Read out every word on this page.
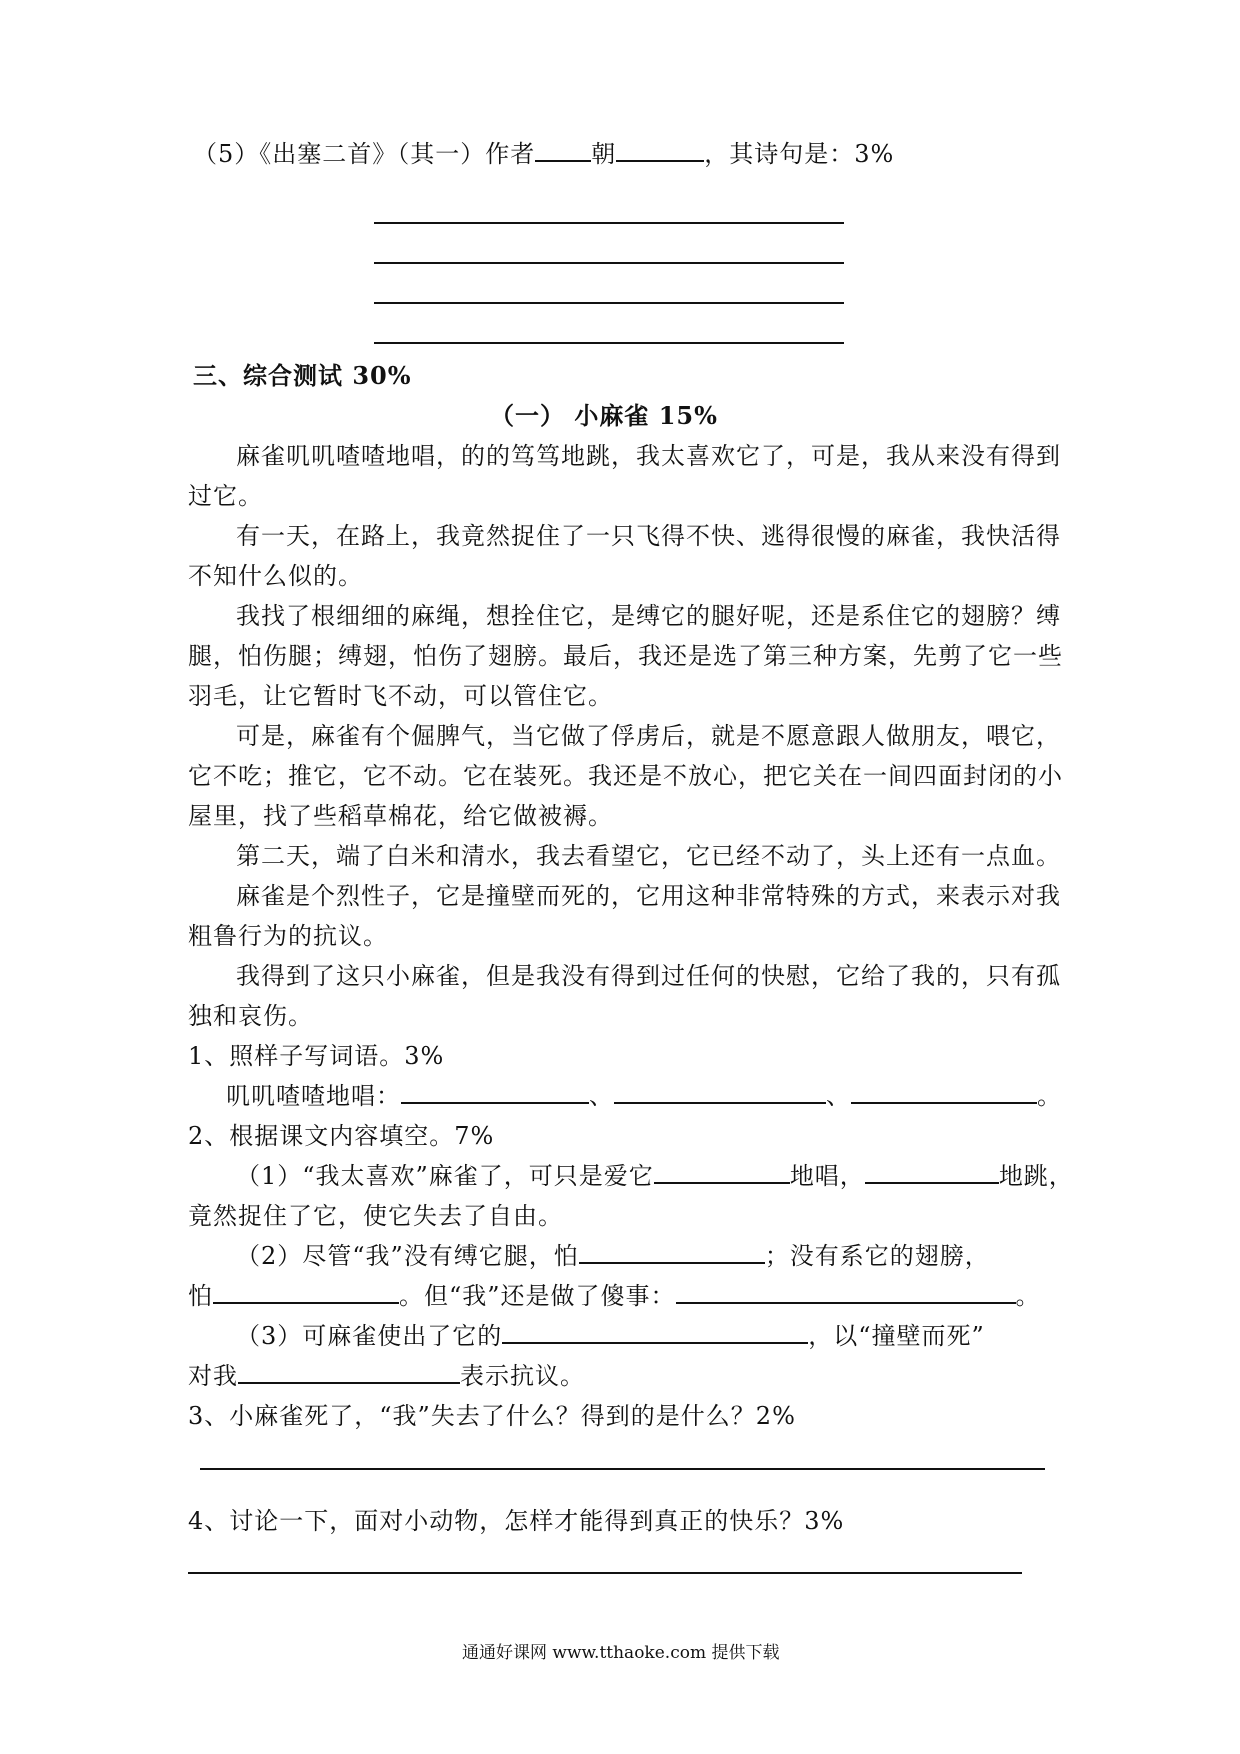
（5）《出塞二首》（其一）作者 朝	，其诗句是：3%
三、综合测试 30%
（一） 小麻雀 15%
麻雀叽叽喳喳地唱，的的笃笃地跳，我太喜欢它了，可是，我从来没有得到
过它。
有一天，在路上，我竟然捉住了一只飞得不快、逃得很慢的麻雀，我快活得
不知什么似的。
我找了根细细的麻绳，想拴住它，是缚它的腿好呢，还是系住它的翅膀？缚
腿，怕伤腿；缚翅，怕伤了翅膀。最后，我还是选了第三种方案，先剪了它一些
羽毛，让它暂时飞不动，可以管住它。
可是，麻雀有个倔脾气，当它做了俘虏后，就是不愿意跟人做朋友，喂它，
它不吃；推它，它不动。它在装死。我还是不放心，把它关在一间四面封闭的小
屋里，找了些稻草棉花，给它做被褥。
第二天，端了白米和清水，我去看望它，它已经不动了，头上还有一点血。
麻雀是个烈性子，它是撞壁而死的，它用这种非常特殊的方式，来表示对我
粗鲁行为的抗议。
我得到了这只小麻雀，但是我没有得到过任何的快慰，它给了我的，只有孤
独和哀伤。
1、照样子写词语。3%
叽叽喳喳地唱：	、	、	。
2、根据课文内容填空。7%
（1）“我太喜欢”麻雀了，可只是爱它	地唱，	地跳，
竟然捉住了它，使它失去了自由。
（2）尽管“我”没有缚它腿，怕	；没有系它的翅膀，
怕	。但“我”还是做了傻事：	。
（3）可麻雀使出了它的	，以“撞壁而死”
对我	表示抗议。
3、小麻雀死了，“我”失去了什么？得到的是什么？2%
4、讨论一下，面对小动物，怎样才能得到真正的快乐？3%
通通好课网 www.tthaoke.com 提供下载
